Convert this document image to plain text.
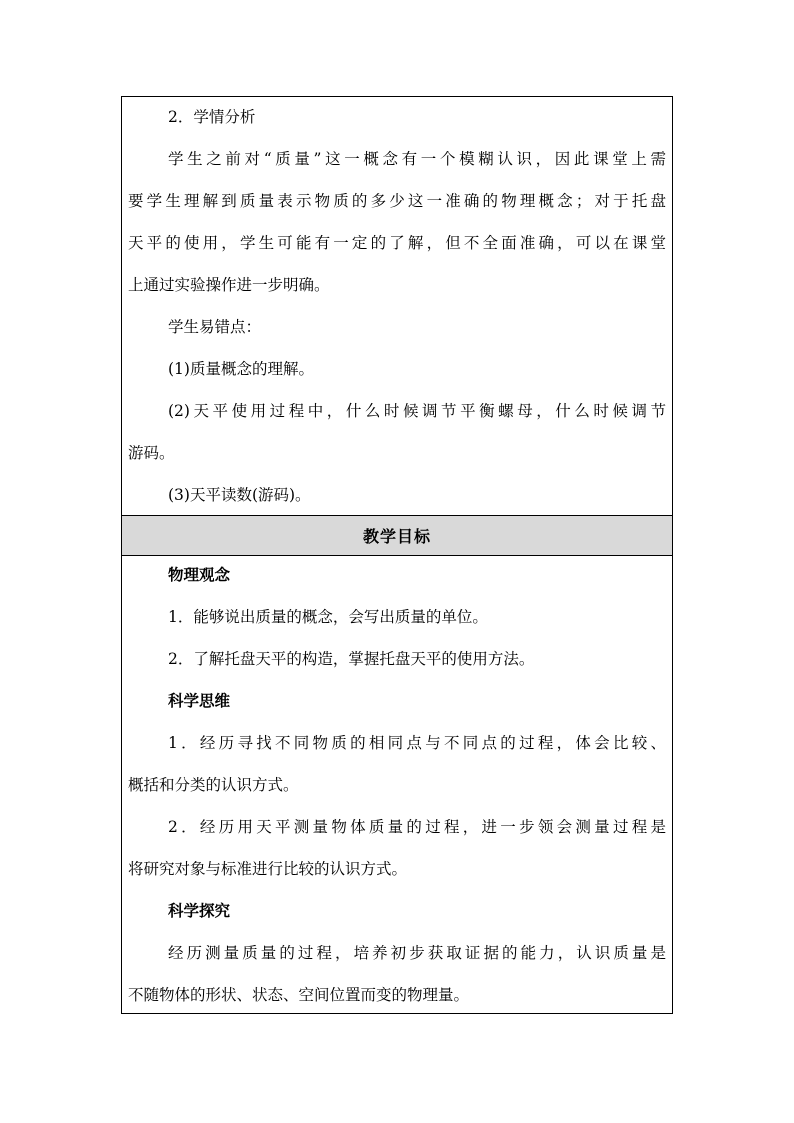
2．学情分析
学生之前对“质量”这一概念有一个模糊认识，因此课堂上需
要学生理解到质量表示物质的多少这一准确的物理概念；对于托盘
天平的使用，学生可能有一定的了解，但不全面准确，可以在课堂
上通过实验操作进一步明确。
学生易错点：
(1)质量概念的理解。
(2)天平使用过程中，什么时候调节平衡螺母，什么时候调节
游码。
(3)天平读数(游码)。
教学目标
物理观念
1．能够说出质量的概念，会写出质量的单位。
2．了解托盘天平的构造，掌握托盘天平的使用方法。
科学思维
1．经历寻找不同物质的相同点与不同点的过程，体会比较、
概括和分类的认识方式。
2．经历用天平测量物体质量的过程，进一步领会测量过程是
将研究对象与标准进行比较的认识方式。
科学探究
经历测量质量的过程，培养初步获取证据的能力，认识质量是
不随物体的形状、状态、空间位置而变的物理量。
